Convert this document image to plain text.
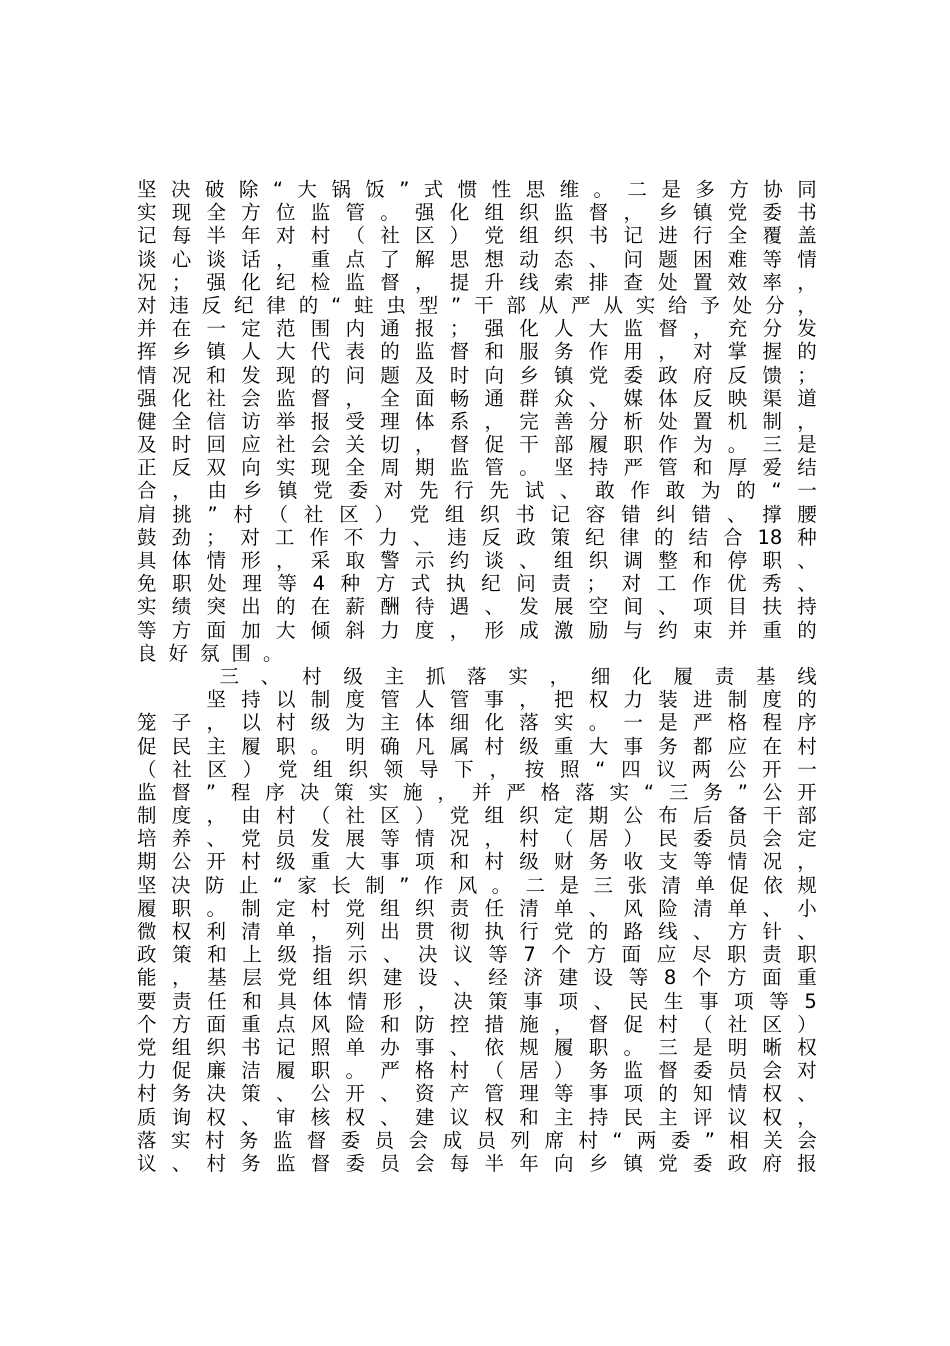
坚 决 破 除 “ 大 锅 饭 ” 式 惯 性 思 维 。 二 是 多 方 协 同
实 现 全 方 位 监 管 。 强 化 组 织 监 督 ， 乡 镇 党 委 书
记 每 半 年 对 村 （ 社 区 ） 党 组 织 书 记 进 行 全 覆 盖
谈 心 谈 话 ， 重 点 了 解 思 想 动 态 、 问 题 困 难 等 情
况 ； 强 化 纪 检 监 督 ， 提 升 线 索 排 查 处 置 效 率 ，
对 违 反 纪 律 的 “ 蛀 虫 型 ” 干 部 从 严 从 实 给 予 处 分 ，
并 在 一 定 范 围 内 通 报 ； 强 化 人 大 监 督 ， 充 分 发
挥 乡 镇 人 大 代 表 的 监 督 和 服 务 作 用 ， 对 掌 握 的
情 况 和 发 现 的 问 题 及 时 向 乡 镇 党 委 政 府 反 馈 ；
强 化 社 会 监 督 ， 全 面 畅 通 群 众 、 媒 体 反 映 渠 道
健 全 信 访 举 报 受 理 体 系 ， 完 善 分 析 处 置 机 制 ，
及 时 回 应 社 会 关 切 ， 督 促 干 部 履 职 作 为 。 三 是
正 反 双 向 实 现 全 周 期 监 管 。 坚 持 严 管 和 厚 爱 结
合 ， 由 乡 镇 党 委 对 先 行 先 试 、 敢 作 敢 为 的 “ 一
肩 挑 ” 村 （ 社 区 ） 党 组 织 书 记 容 错 纠 错 、 撑 腰
鼓 劲 ； 对 工 作 不 力 、 违 反 政 策 纪 律 的 结 合 18 种
具 体 情 形 ， 采 取 警 示 约 谈 、 组 织 调 整 和 停 职 、
免 职 处 理 等 4 种 方 式 执 纪 问 责 ； 对 工 作 优 秀 、
实 绩 突 出 的 在 薪 酬 待 遇 、 发 展 空 间 、 项 目 扶 持
等 方 面 加 大 倾 斜 力 度 ， 形 成 激 励 与 约 束 并 重 的
良好氛围。

三 、 村 级 主 抓 落 实 ， 细 化 履 责 基 线

坚 持 以 制 度 管 人 管 事 ， 把 权 力 装 进 制 度 的
笼 子 ， 以 村 级 为 主 体 细 化 落 实 。 一 是 严 格 程 序
促 民 主 履 职 。 明 确 凡 属 村 级 重 大 事 务 都 应 在 村
（ 社 区 ） 党 组 织 领 导 下 ， 按 照 “ 四 议 两 公 开 一
监 督 ” 程 序 决 策 实 施 ， 并 严 格 落 实 “ 三 务 ” 公 开
制 度 ， 由 村 （ 社 区 ） 党 组 织 定 期 公 布 后 备 干 部
培 养 、 党 员 发 展 等 情 况 ， 村 （ 居 ） 民 委 员 会 定
期 公 开 村 级 重 大 事 项 和 村 级 财 务 收 支 等 情 况 ，
坚 决 防 止 “ 家 长 制 ” 作 风 。 二 是 三 张 清 单 促 依 规
履 职 。 制 定 村 党 组 织 责 任 清 单 、 风 险 清 单 、 小
微 权 利 清 单 ， 列 出 贯 彻 执 行 党 的 路 线 、 方 针 、
政 策 和 上 级 指 示 、 决 议 等 7 个 方 面 应 尽 职 责 职
能 ， 基 层 党 组 织 建 设 、 经 济 建 设 等 8 个 方 面 重
要 责 任 和 具 体 情 形 ， 决 策 事 项 、 民 生 事 项 等 5
个 方 面 重 点 风 险 和 防 控 措 施 ， 督 促 村 （ 社 区 ）
党 组 织 书 记 照 单 办 事 、 依 规 履 职 。 三 是 明 晰 权
力 促 廉 洁 履 职 。 严 格 村 （ 居 ） 务 监 督 委 员 会 对
村 务 决 策 、 公 开 、 资 产 管 理 等 事 项 的 知 情 权 、
质 询 权 、 审 核 权 、 建 议 权 和 主 持 民 主 评 议 权 ，
落 实 村 务 监 督 委 员 会 成 员 列 席 村 “ 两 委 ” 相 关 会
议 、 村 务 监 督 委 员 会 每 半 年 向 乡 镇 党 委 政 府 报
